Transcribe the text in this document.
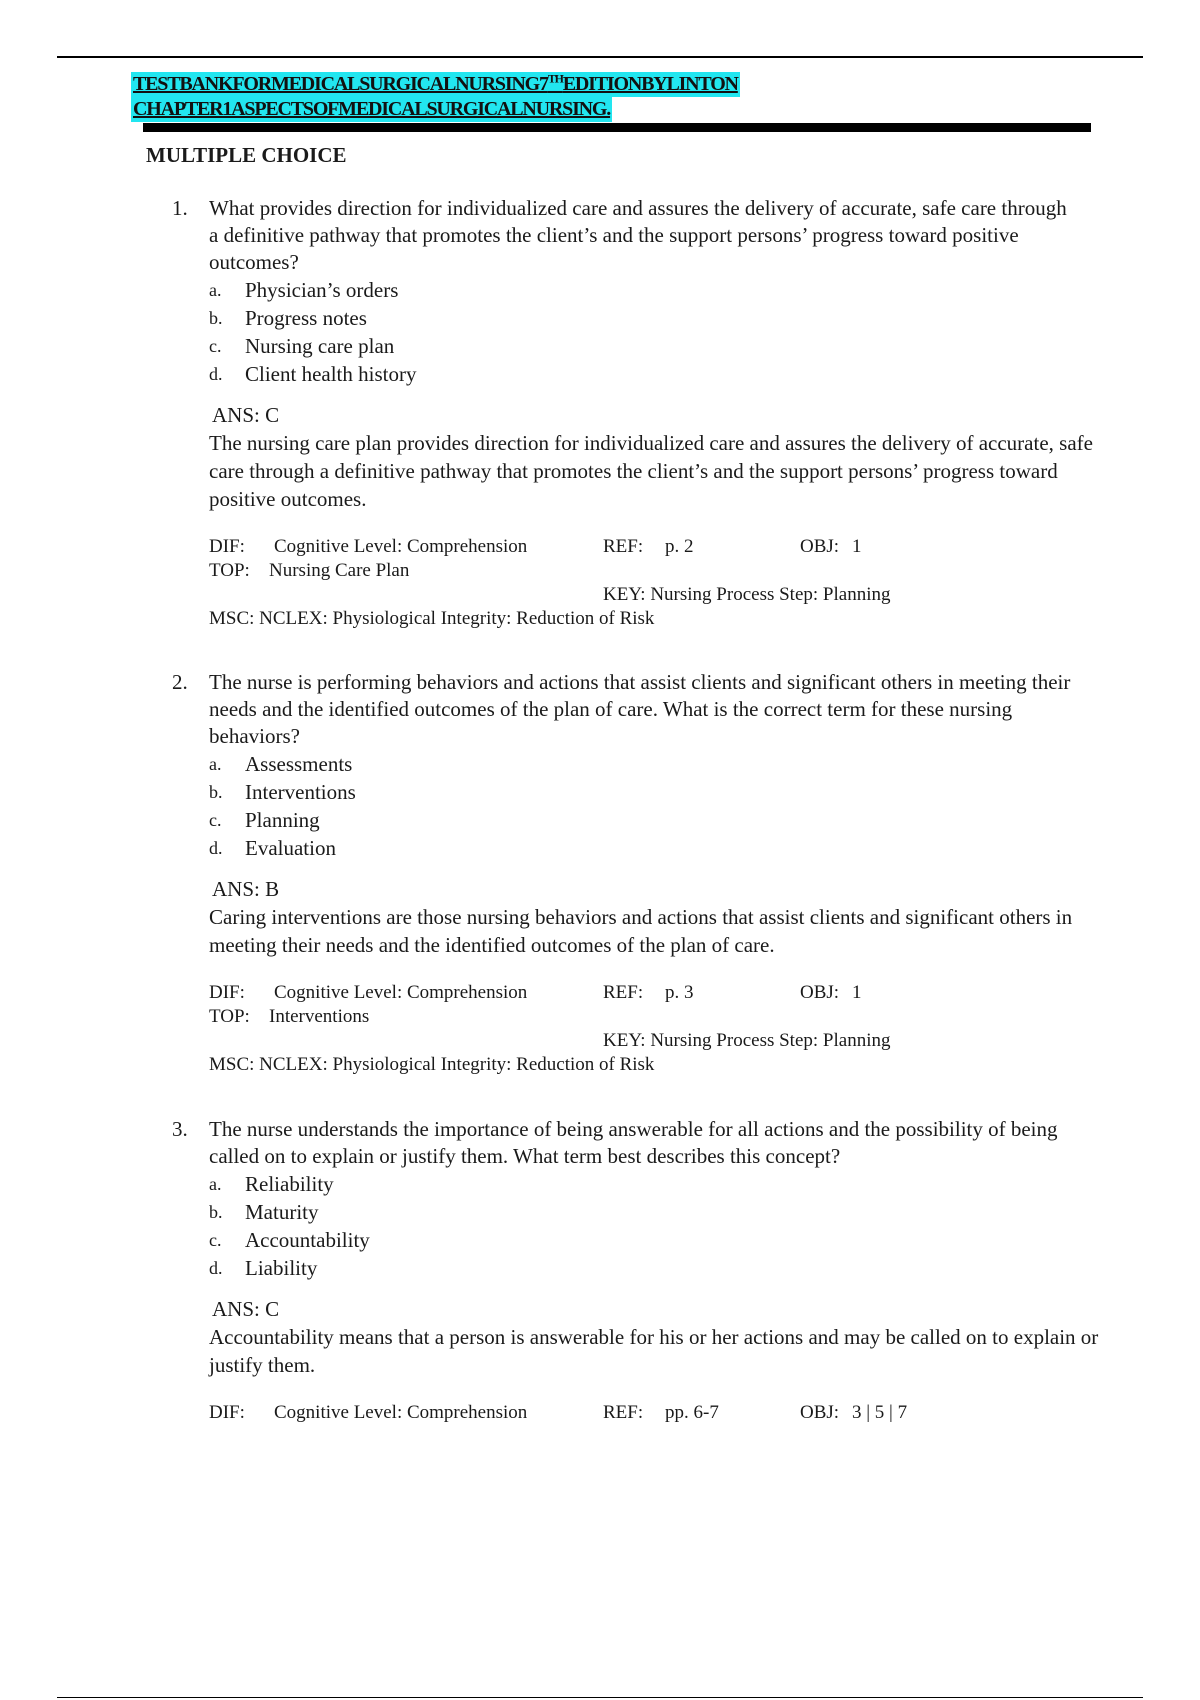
TESTBANKFORMEDICALSURGICALNURSING7THEDITIONBYLINTON
CHAPTER1ASPECTSOFMEDICALSURGICALNURSING.
MULTIPLE CHOICE
1.	What provides direction for individualized care and assures the delivery of accurate, safe care through a definitive pathway that promotes the client’s and the support persons’ progress toward positive outcomes?
a.	Physician’s orders
b.	Progress notes
c.	Nursing care plan
d.	Client health history
ANS: C
The nursing care plan provides direction for individualized care and assures the delivery of accurate, safe care through a definitive pathway that promotes the client’s and the support persons’ progress toward positive outcomes.
DIF:	Cognitive Level: Comprehension	REF:	p. 2	OBJ: 1
TOP:	Nursing Care Plan
KEY: Nursing Process Step: Planning
MSC: NCLEX: Physiological Integrity: Reduction of Risk
2.	The nurse is performing behaviors and actions that assist clients and significant others in meeting their needs and the identified outcomes of the plan of care. What is the correct term for these nursing behaviors?
a.	Assessments
b.	Interventions
c.	Planning
d.	Evaluation
ANS: B
Caring interventions are those nursing behaviors and actions that assist clients and significant others in meeting their needs and the identified outcomes of the plan of care.
DIF:	Cognitive Level: Comprehension	REF:	p. 3	OBJ: 1
TOP:	Interventions
KEY: Nursing Process Step: Planning
MSC: NCLEX: Physiological Integrity: Reduction of Risk
3.	The nurse understands the importance of being answerable for all actions and the possibility of being called on to explain or justify them. What term best describes this concept?
a.	Reliability
b.	Maturity
c.	Accountability
d.	Liability
ANS: C
Accountability means that a person is answerable for his or her actions and may be called on to explain or justify them.
DIF:	Cognitive Level: Comprehension	REF:	pp. 6-7	OBJ: 3 | 5 | 7
